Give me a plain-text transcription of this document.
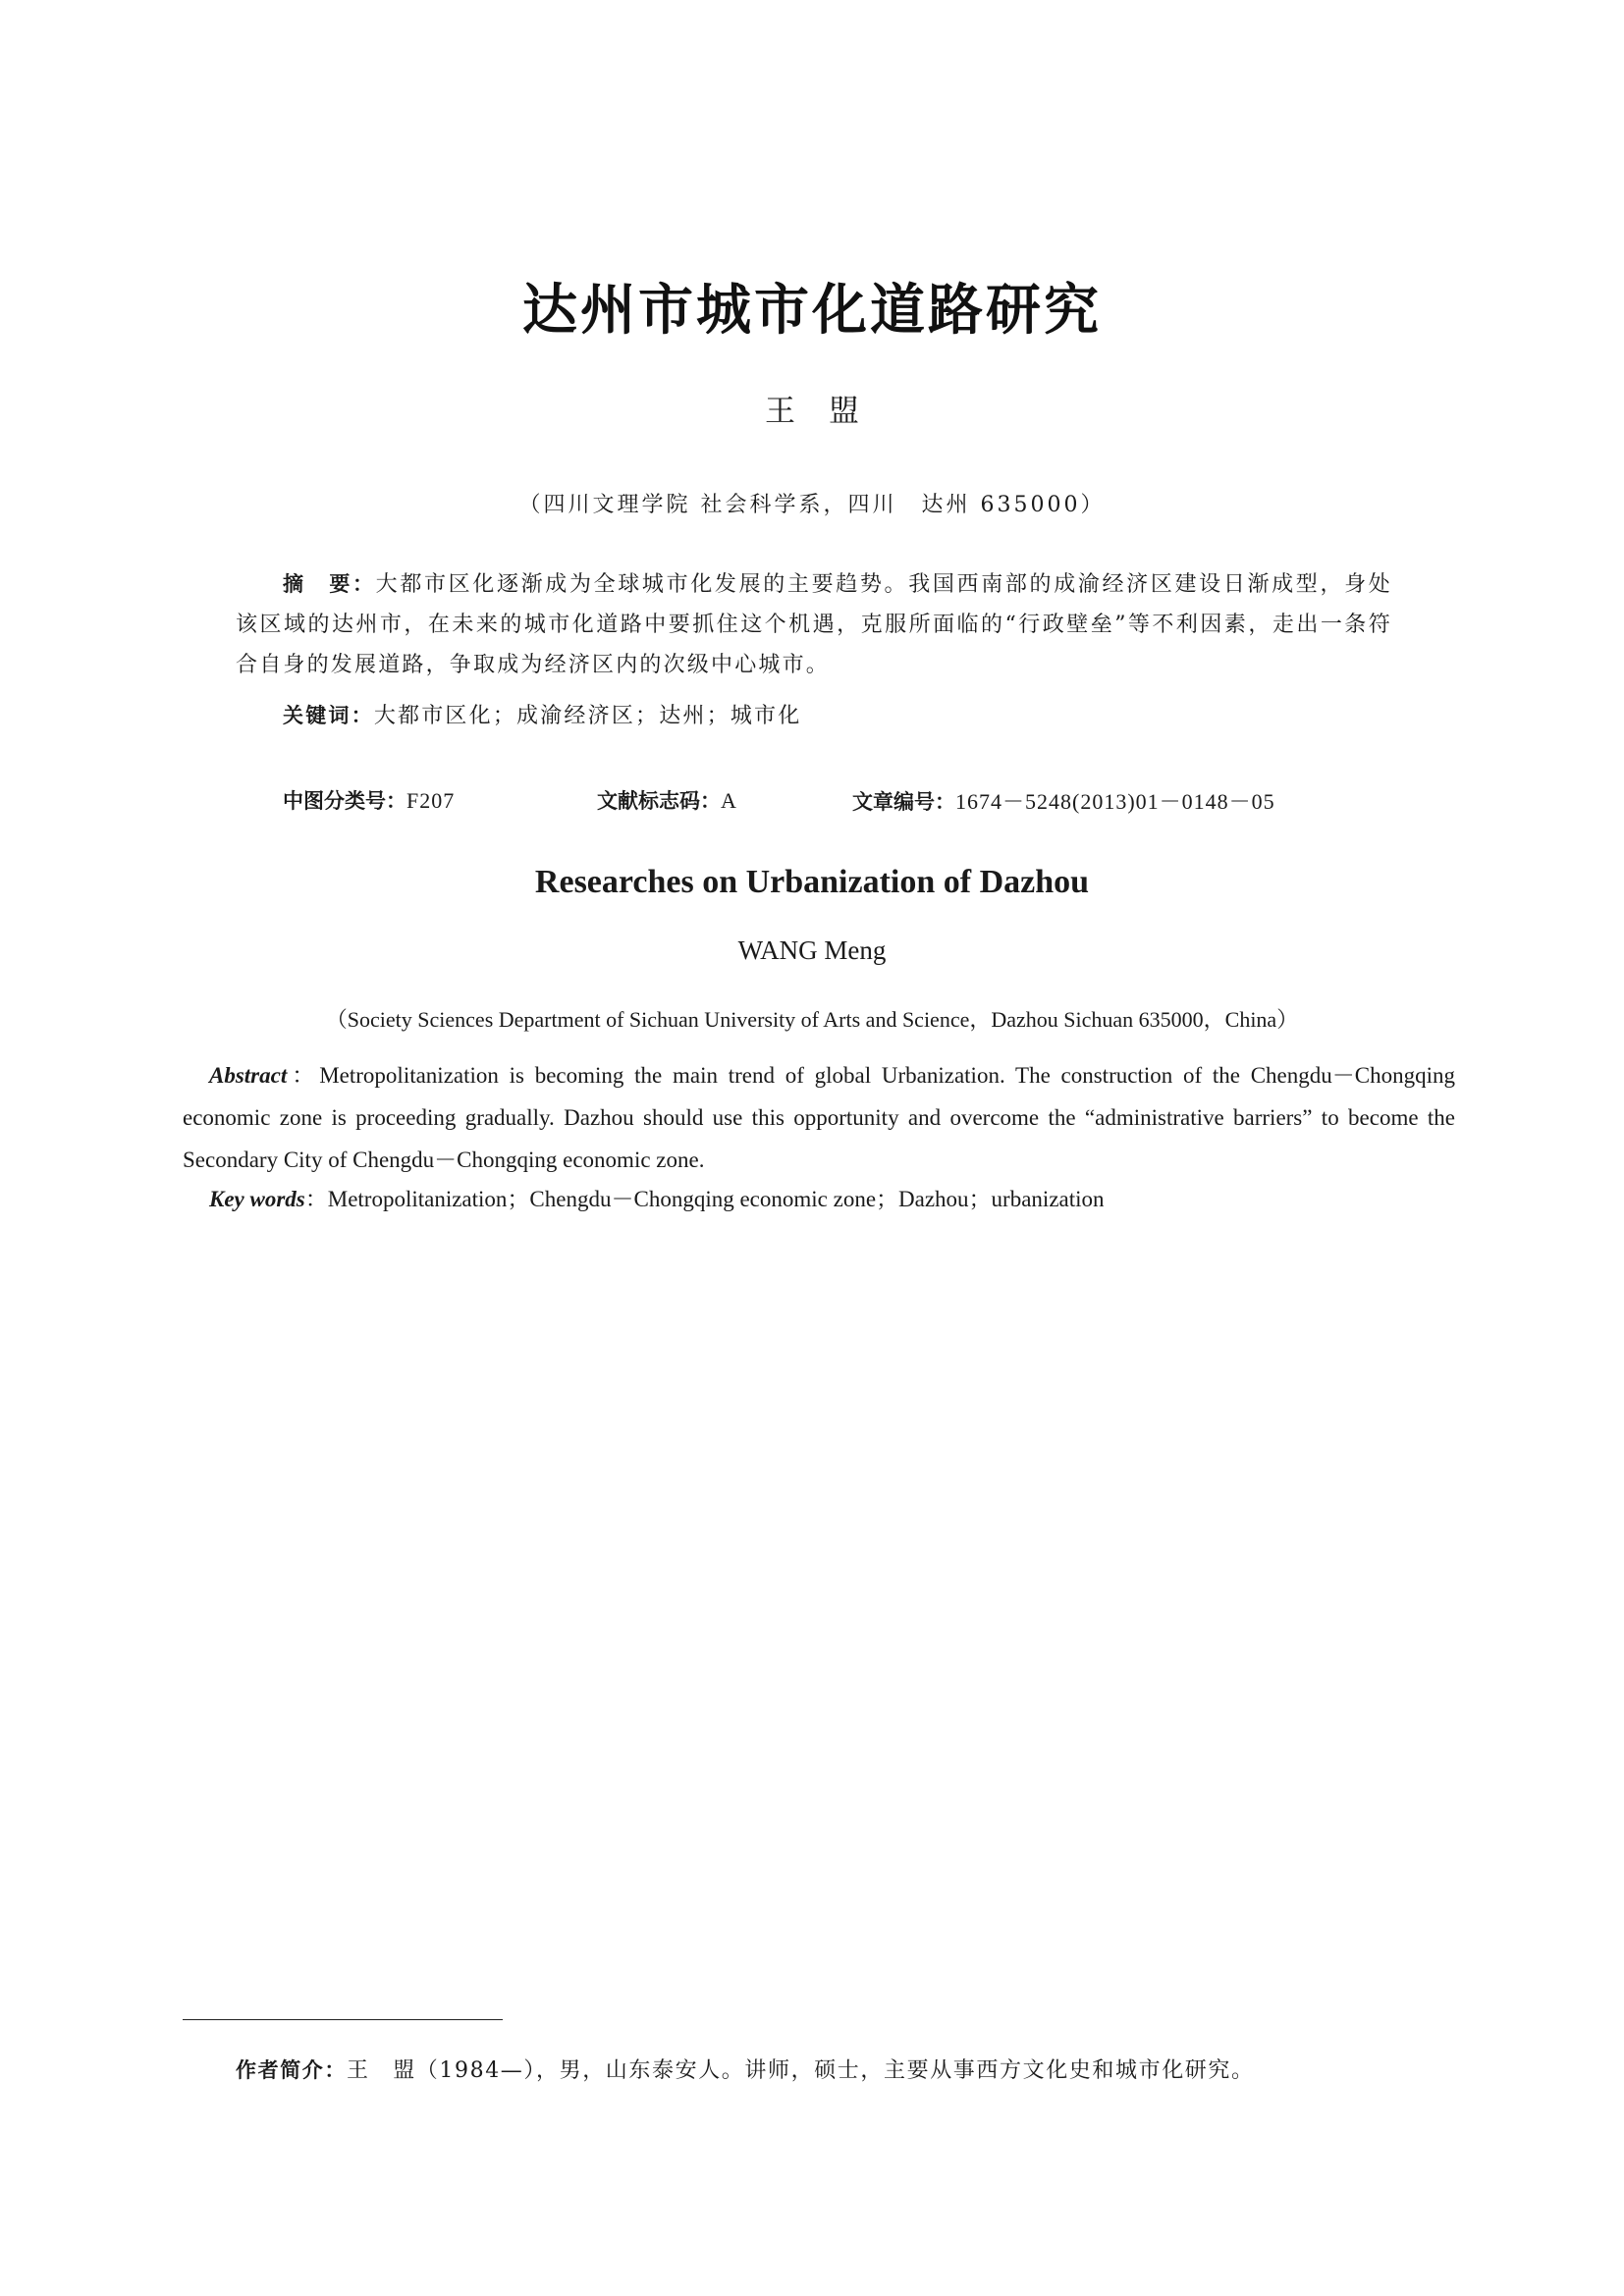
达州市城市化道路研究
王盟
（四川文理学院 社会科学系，四川　达州 635000）
摘　要：大都市区化逐渐成为全球城市化发展的主要趋势。我国西南部的成渝经济区建设日渐成型，身处该区域的达州市，在未来的城市化道路中要抓住这个机遇，克服所面临的“行政壁垒”等不利因素，走出一条符合自身的发展道路，争取成为经济区内的次级中心城市。
关键词：大都市区化；成渝经济区；达州；城市化
中图分类号：F207	文献标志码：A	文章编号：1674－5248(2013)01－0148－05
Researches on Urbanization of Dazhou
WANG Meng
（Society Sciences Department of Sichuan University of Arts and Science，Dazhou Sichuan 635000，China）
Abstract：Metropolitanization is becoming the main trend of global Urbanization. The construction of the Chengdu－Chongqing economic zone is proceeding gradually. Dazhou should use this opportunity and overcome the “administrative barriers” to become the Secondary City of Chengdu－Chongqing economic zone.
Key words：Metropolitanization；Chengdu－Chongqing economic zone；Dazhou；urbanization
作者简介：王　盟（1984—），男，山东泰安人。讲师，硕士，主要从事西方文化史和城市化研究。
